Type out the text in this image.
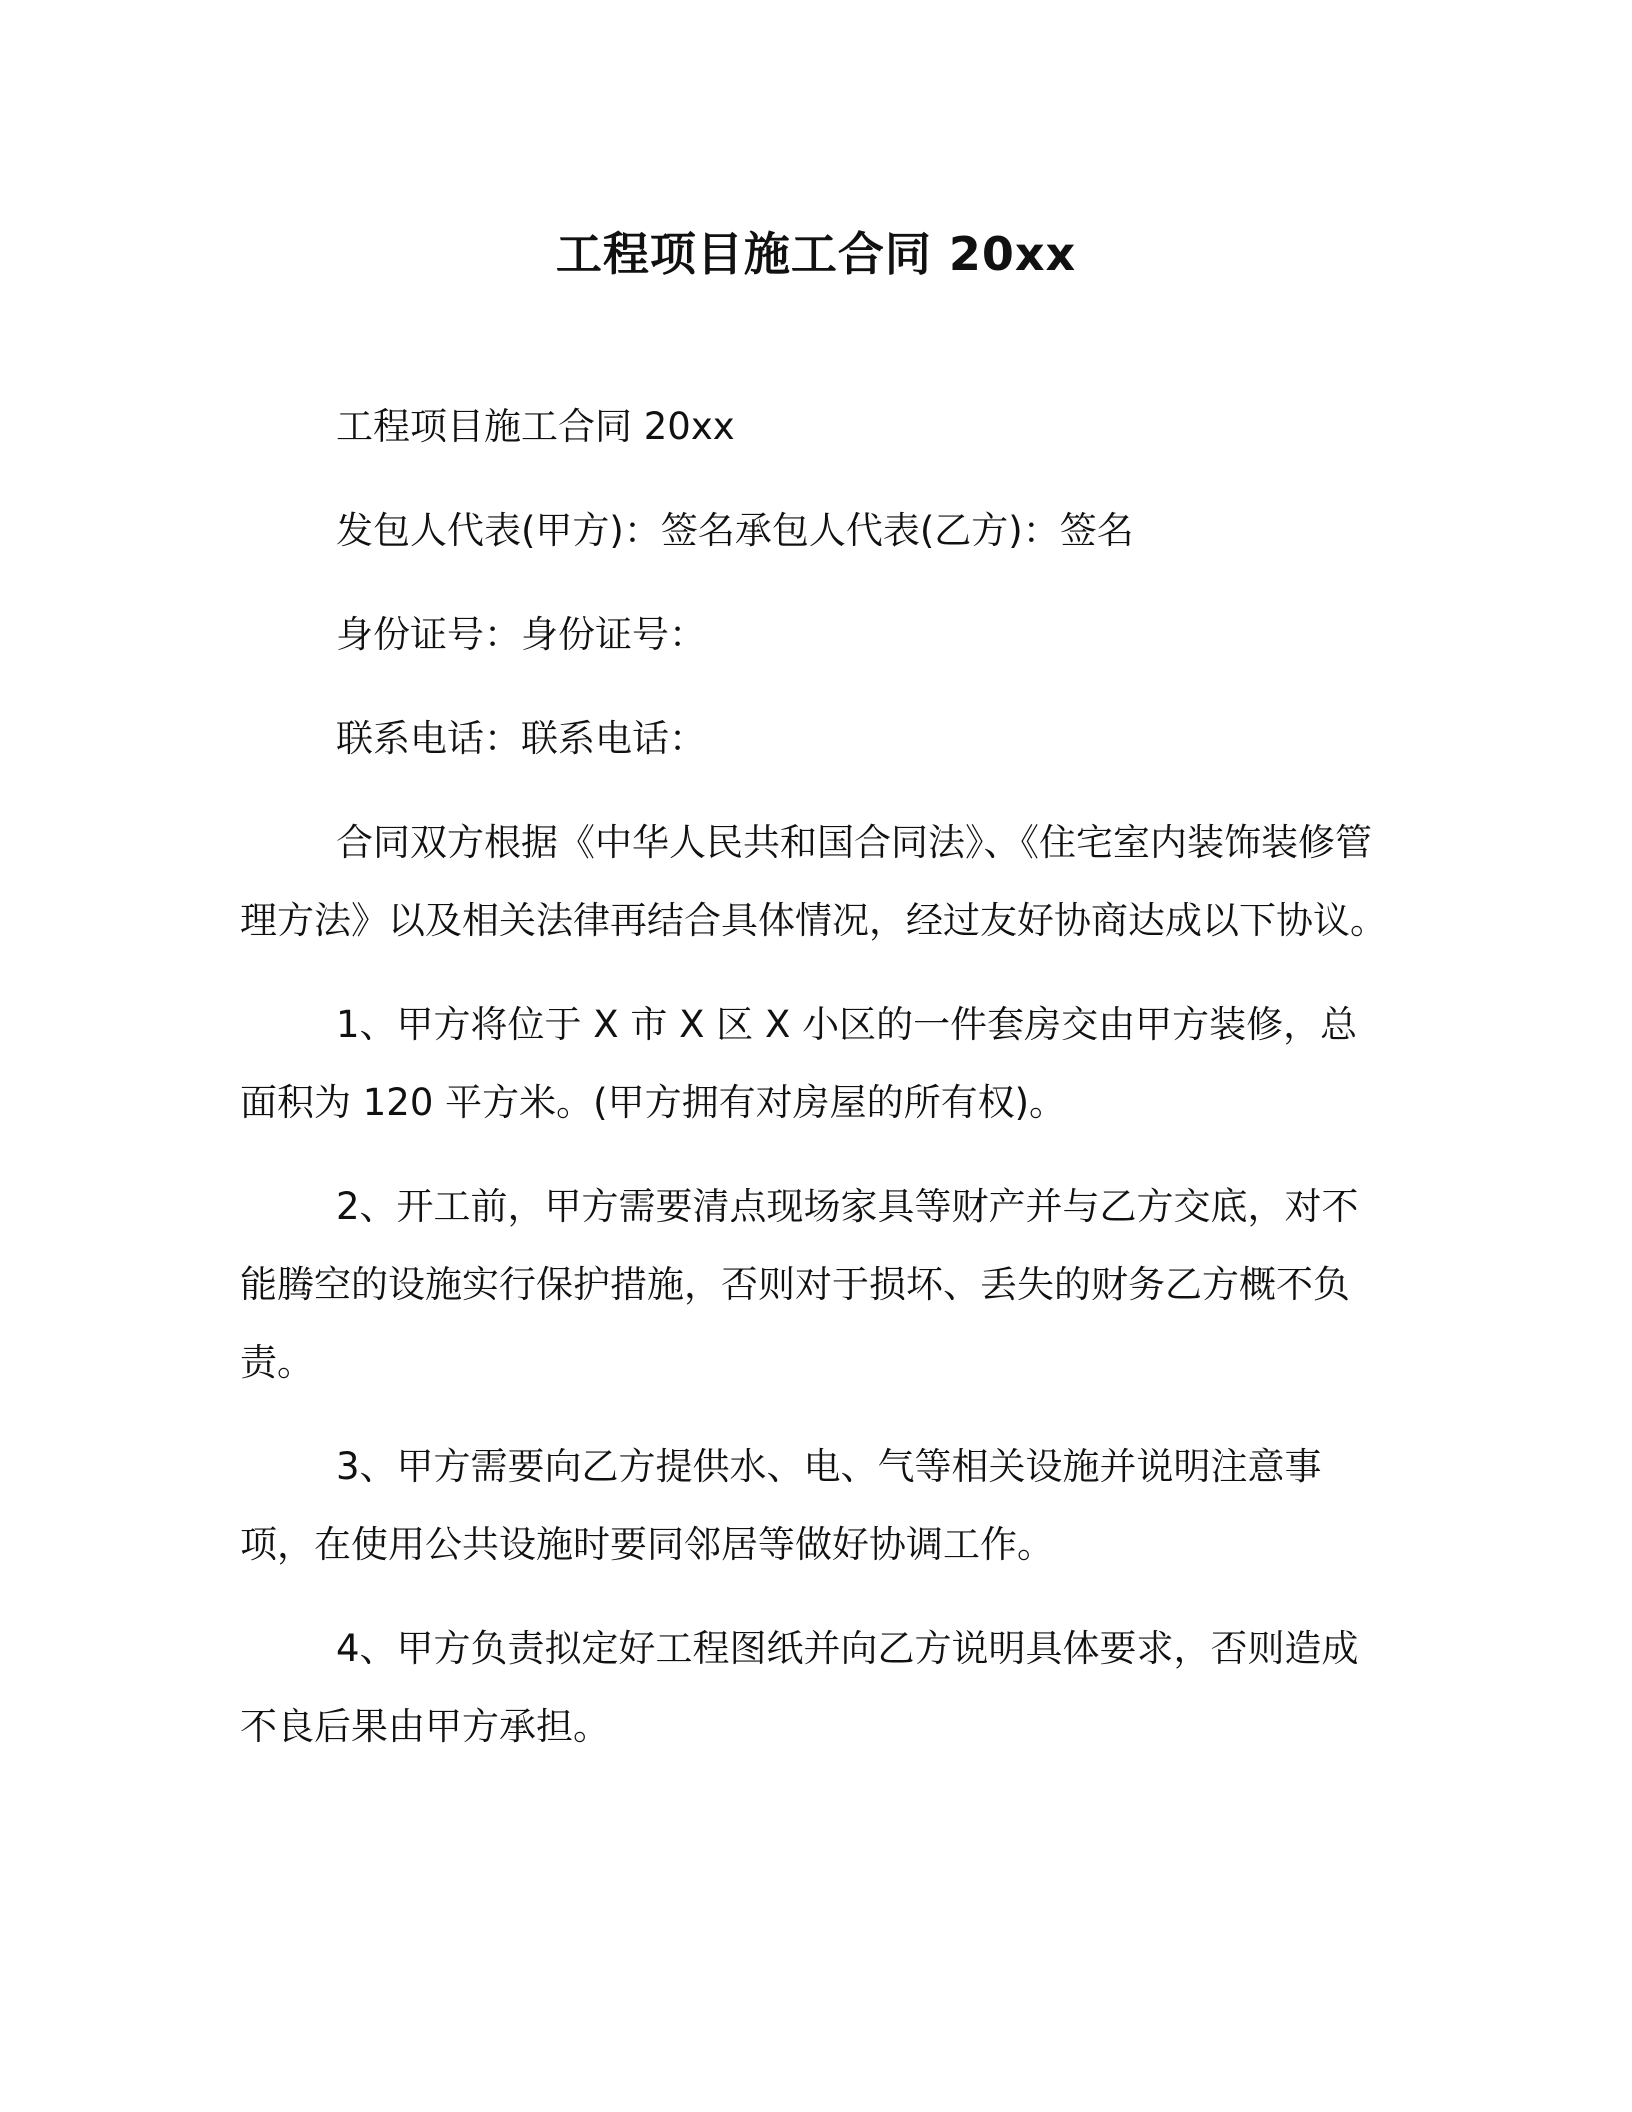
工程项目施工合同 20xx

工程项目施工合同 20xx

发包人代表(甲方)：签名承包人代表(乙方)：签名

身份证号：身份证号：

联系电话：联系电话：

合同双方根据《中华人民共和国合同法》、《住宅室内装饰装修管理方法》以及相关法律再结合具体情况，经过友好协商达成以下协议。

1、甲方将位于 X 市 X 区 X 小区的一件套房交由甲方装修，总面积为 120 平方米。(甲方拥有对房屋的所有权)。

2、开工前，甲方需要清点现场家具等财产并与乙方交底，对不能腾空的设施实行保护措施，否则对于损坏、丢失的财务乙方概不负责。

3、甲方需要向乙方提供水、电、气等相关设施并说明注意事项，在使用公共设施时要同邻居等做好协调工作。

4、甲方负责拟定好工程图纸并向乙方说明具体要求，否则造成不良后果由甲方承担。
